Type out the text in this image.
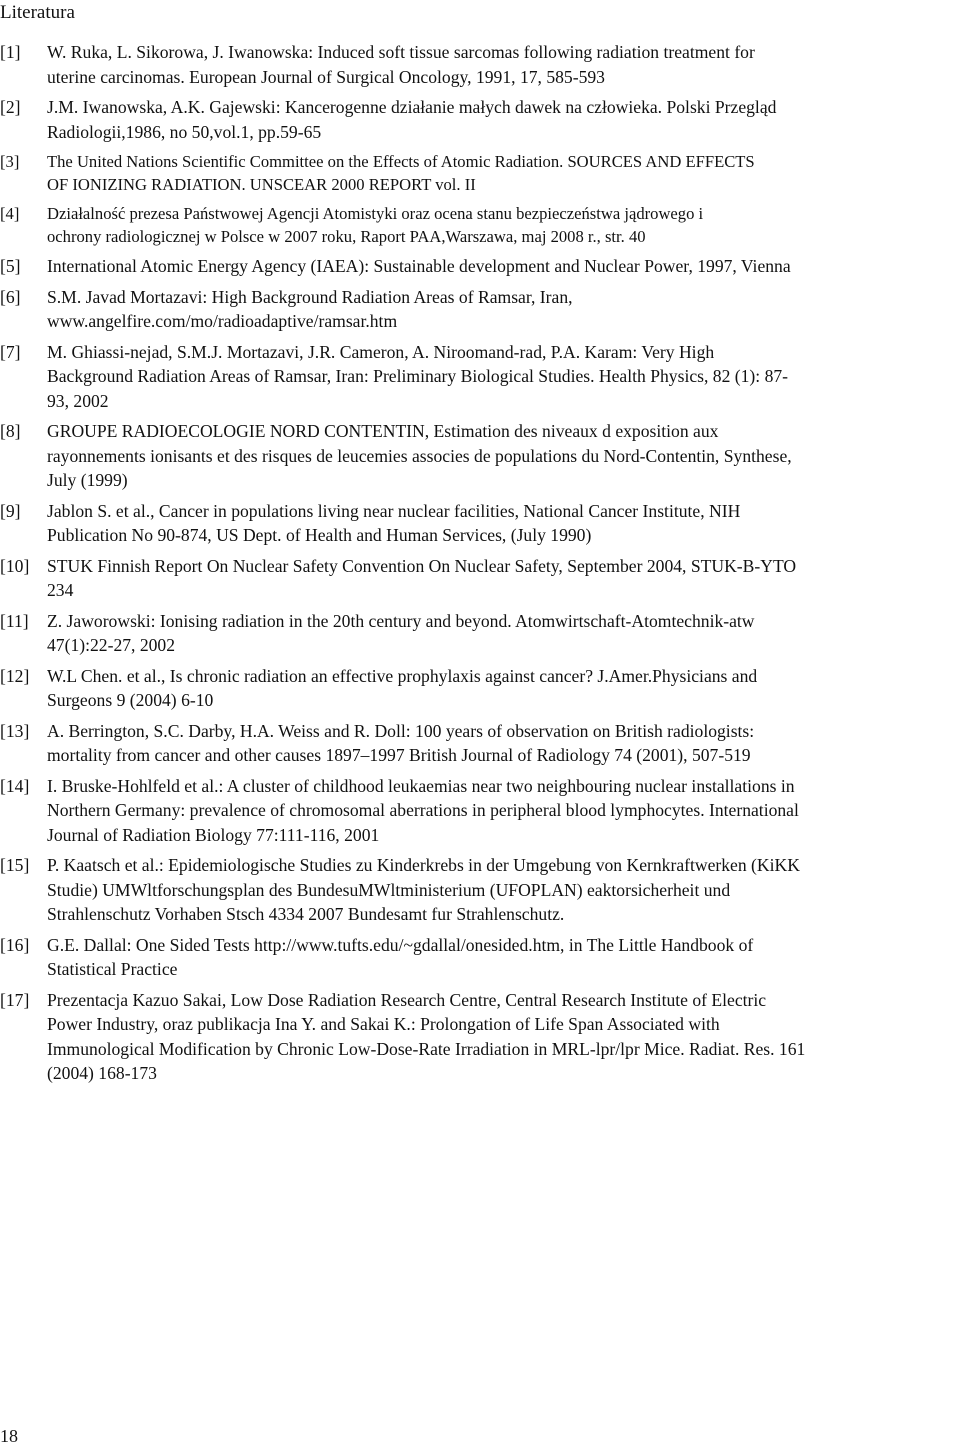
Literatura
[1] W. Ruka, L. Sikorowa, J. Iwanowska: Induced soft tissue sarcomas following radiation treatment for
uterine carcinomas. European Journal of Surgical Oncology, 1991, 17, 585-593
[2] J.M. Iwanowska, A.K. Gajewski: Kancerogenne działanie małych dawek na człowieka. Polski Przegląd
Radiologii,1986, no 50,vol.1, pp.59-65
[3] The United Nations Scientific Committee on the Effects of Atomic Radiation. SOURCES AND EFFECTS
OF IONIZING RADIATION. UNSCEAR 2000 REPORT vol. II
[4] Działalność prezesa Państwowej Agencji Atomistyki oraz ocena stanu bezpieczeństwa jądrowego i
ochrony radiologicznej w Polsce w 2007 roku, Raport PAA,Warszawa, maj 2008 r., str. 40
[5] International Atomic Energy Agency (IAEA): Sustainable development and Nuclear Power, 1997, Vienna
[6] S.M. Javad Mortazavi: High Background Radiation Areas of Ramsar, Iran,
www.angelfire.com/mo/radioadaptive/ramsar.htm
[7] M. Ghiassi-nejad, S.M.J. Mortazavi, J.R. Cameron, A. Niroomand-rad, P.A. Karam: Very High
Background Radiation Areas of Ramsar, Iran: Preliminary Biological Studies. Health Physics, 82 (1): 87-
93, 2002
[8] GROUPE RADIOECOLOGIE NORD CONTENTIN, Estimation des niveaux d exposition aux
rayonnements ionisants et des risques de leucemies associes de populations du Nord-Contentin, Synthese,
July (1999)
[9] Jablon S. et al., Cancer in populations living near nuclear facilities, National Cancer Institute, NIH
Publication No 90-874, US Dept. of Health and Human Services, (July 1990)
[10] STUK Finnish Report On Nuclear Safety Convention On Nuclear Safety, September 2004, STUK-B-YTO
234
[11] Z. Jaworowski: Ionising radiation in the 20th century and beyond. Atomwirtschaft-Atomtechnik-atw
47(1):22-27, 2002
[12] W.L Chen. et al., Is chronic radiation an effective prophylaxis against cancer? J.Amer.Physicians and
Surgeons 9 (2004) 6-10
[13] A. Berrington, S.C. Darby, H.A. Weiss and R. Doll: 100 years of observation on British radiologists:
mortality from cancer and other causes 1897–1997 British Journal of Radiology 74 (2001), 507-519
[14] I. Bruske-Hohlfeld et al.: A cluster of childhood leukaemias near two neighbouring nuclear installations in
Northern Germany: prevalence of chromosomal aberrations in peripheral blood lymphocytes. International
Journal of Radiation Biology 77:111-116, 2001
[15] P. Kaatsch et al.: Epidemiologische Studies zu Kinderkrebs in der Umgebung von Kernkraftwerken (KiKK
Studie) UMWltforschungsplan des BundesuMWltministerium (UFOPLAN) eaktorsicherheit und
Strahlenschutz Vorhaben Stsch 4334 2007 Bundesamt fur Strahlenschutz.
[16] G.E. Dallal: One Sided Tests http://www.tufts.edu/~gdallal/onesided.htm, in The Little Handbook of
Statistical Practice
[17] Prezentacja Kazuo Sakai, Low Dose Radiation Research Centre, Central Research Institute of Electric
Power Industry, oraz publikacja Ina Y. and Sakai K.: Prolongation of Life Span Associated with
Immunological Modification by Chronic Low-Dose-Rate Irradiation in MRL-lpr/lpr Mice. Radiat. Res. 161
(2004) 168-173
18
